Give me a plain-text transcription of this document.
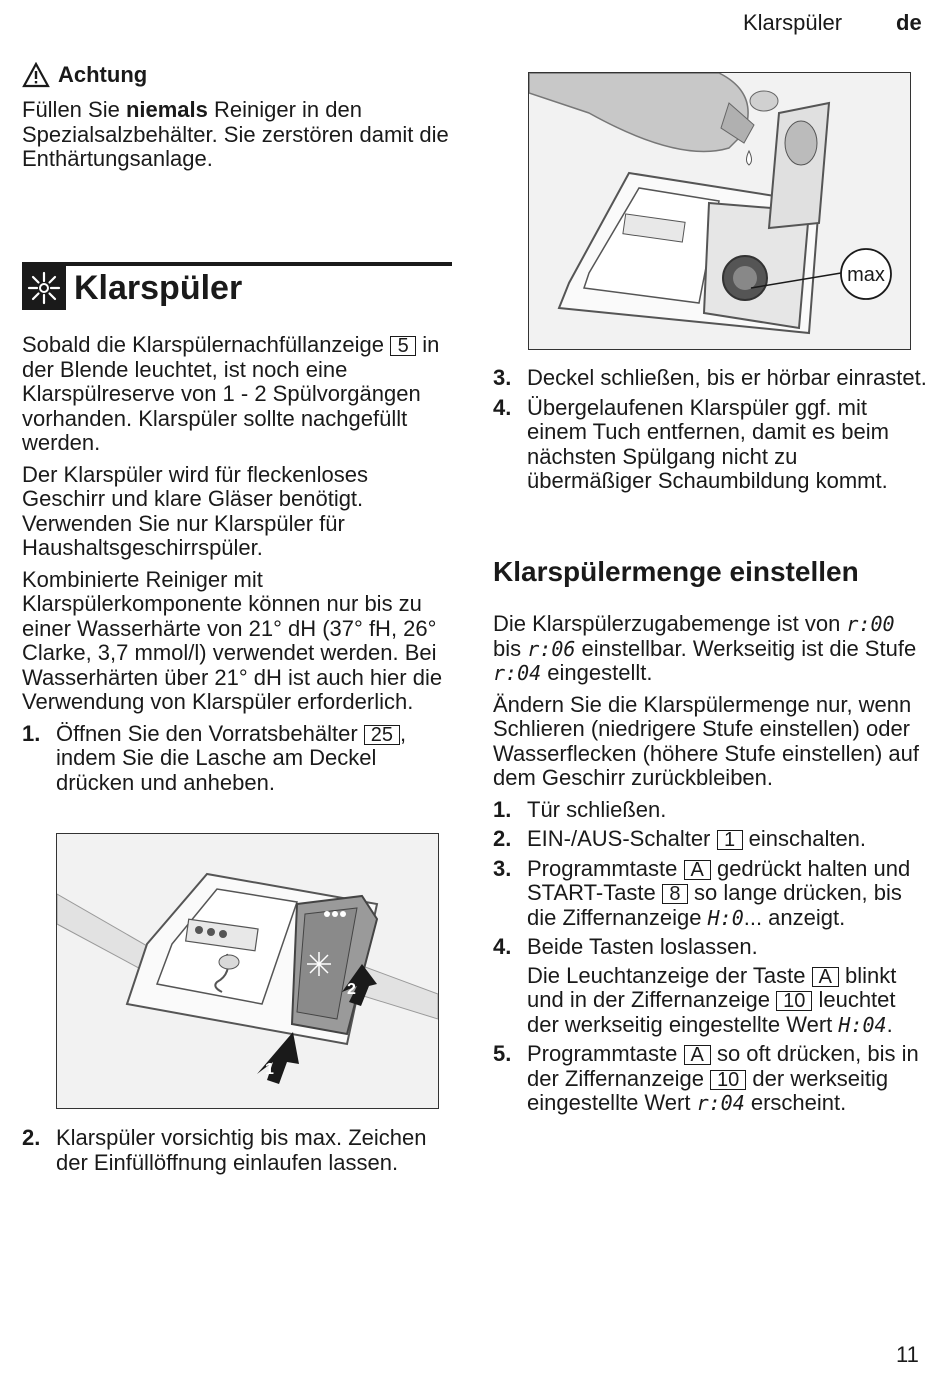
Klarspüler de
Achtung

Füllen Sie niemals Reiniger in den Spezialsalzbehälter. Sie zerstören damit die Enthärtungsanlage.

Klarspüler

Sobald die Klarspülernachfüllanzeige 5 in der Blende leuchtet, ist noch eine Klarspülreserve von 1 - 2 Spülvorgängen vorhanden. Klarspüler sollte nachgefüllt werden.

Der Klarspüler wird für fleckenloses Geschirr und klare Gläser benötigt. Verwenden Sie nur Klarspüler für Haushaltsgeschirrspüler.

Kombinierte Reiniger mit Klarspülerkomponente können nur bis zu einer Wasserhärte von 21° dH (37° fH, 26° Clarke, 3,7 mmol/l) verwendet werden. Bei Wasserhärten über 21° dH ist auch hier die Verwendung von Klarspüler erforderlich.

1. Öffnen Sie den Vorratsbehälter 25 , indem Sie die Lasche am Deckel drücken und anheben.
2
1
2. Klarspüler vorsichtig bis max. Zeichen der Einfüllöffnung einlaufen lassen.
max
3. Deckel schließen, bis er hörbar einrastet.
4. Übergelaufenen Klarspüler ggf. mit einem Tuch entfernen, damit es beim nächsten Spülgang nicht zu übermäßiger Schaumbildung kommt.
Klarspülermenge einstellen

Die Klarspülerzugabemenge ist von r:00 bis r:06 einstellbar. Werkseitig ist die Stufe r:04 eingestellt.

Ändern Sie die Klarspülermenge nur, wenn Schlieren (niedrigere Stufe einstellen) oder Wasserflecken (höhere Stufe einstellen) auf dem Geschirr zurückbleiben.

1. Tür schließen.
2. EIN-/AUS-Schalter 1 einschalten.
3. Programmtaste A gedrückt halten und START-Taste 8 so lange drücken, bis die Ziffernanzeige H:0... anzeigt.
4. Beide Tasten loslassen.

Die Leuchtanzeige der Taste A blinkt und in der Ziffernanzeige 10 leuchtet der werkseitig eingestellte Wert H:04.

5. Programmtaste A so oft drücken, bis in der Ziffernanzeige 10 der werkseitig eingestellte Wert r:04 erscheint.
11
